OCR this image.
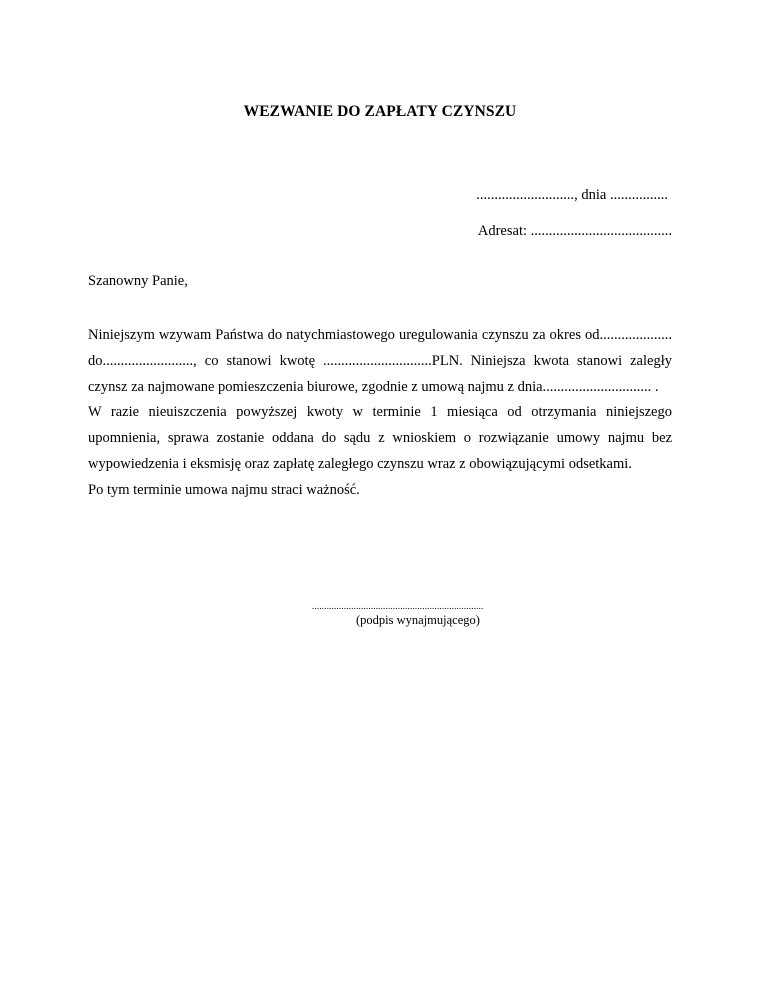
WEZWANIE DO ZAPŁATY CZYNSZU
..........................., dnia ................
Adresat: .......................................
Szanowny Panie,

Niniejszym wzywam Państwa do natychmiastowego uregulowania czynszu za okres od.................... do........................., co stanowi kwotę ..............................PLN. Niniejsza kwota stanowi zaległy czynsz za najmowane pomieszczenia biurowe, zgodnie z umową najmu z dnia.............................. .

W razie nieuiszczenia powyższej kwoty w terminie 1 miesiąca od otrzymania niniejszego upomnienia, sprawa zostanie oddana do sądu z wnioskiem o rozwiązanie umowy najmu bez wypowiedzenia i eksmisję oraz zapłatę zaległego czynszu wraz z obowiązującymi odsetkami.

Po tym terminie umowa najmu straci ważność.

......................................................................
(podpis wynajmującego)
